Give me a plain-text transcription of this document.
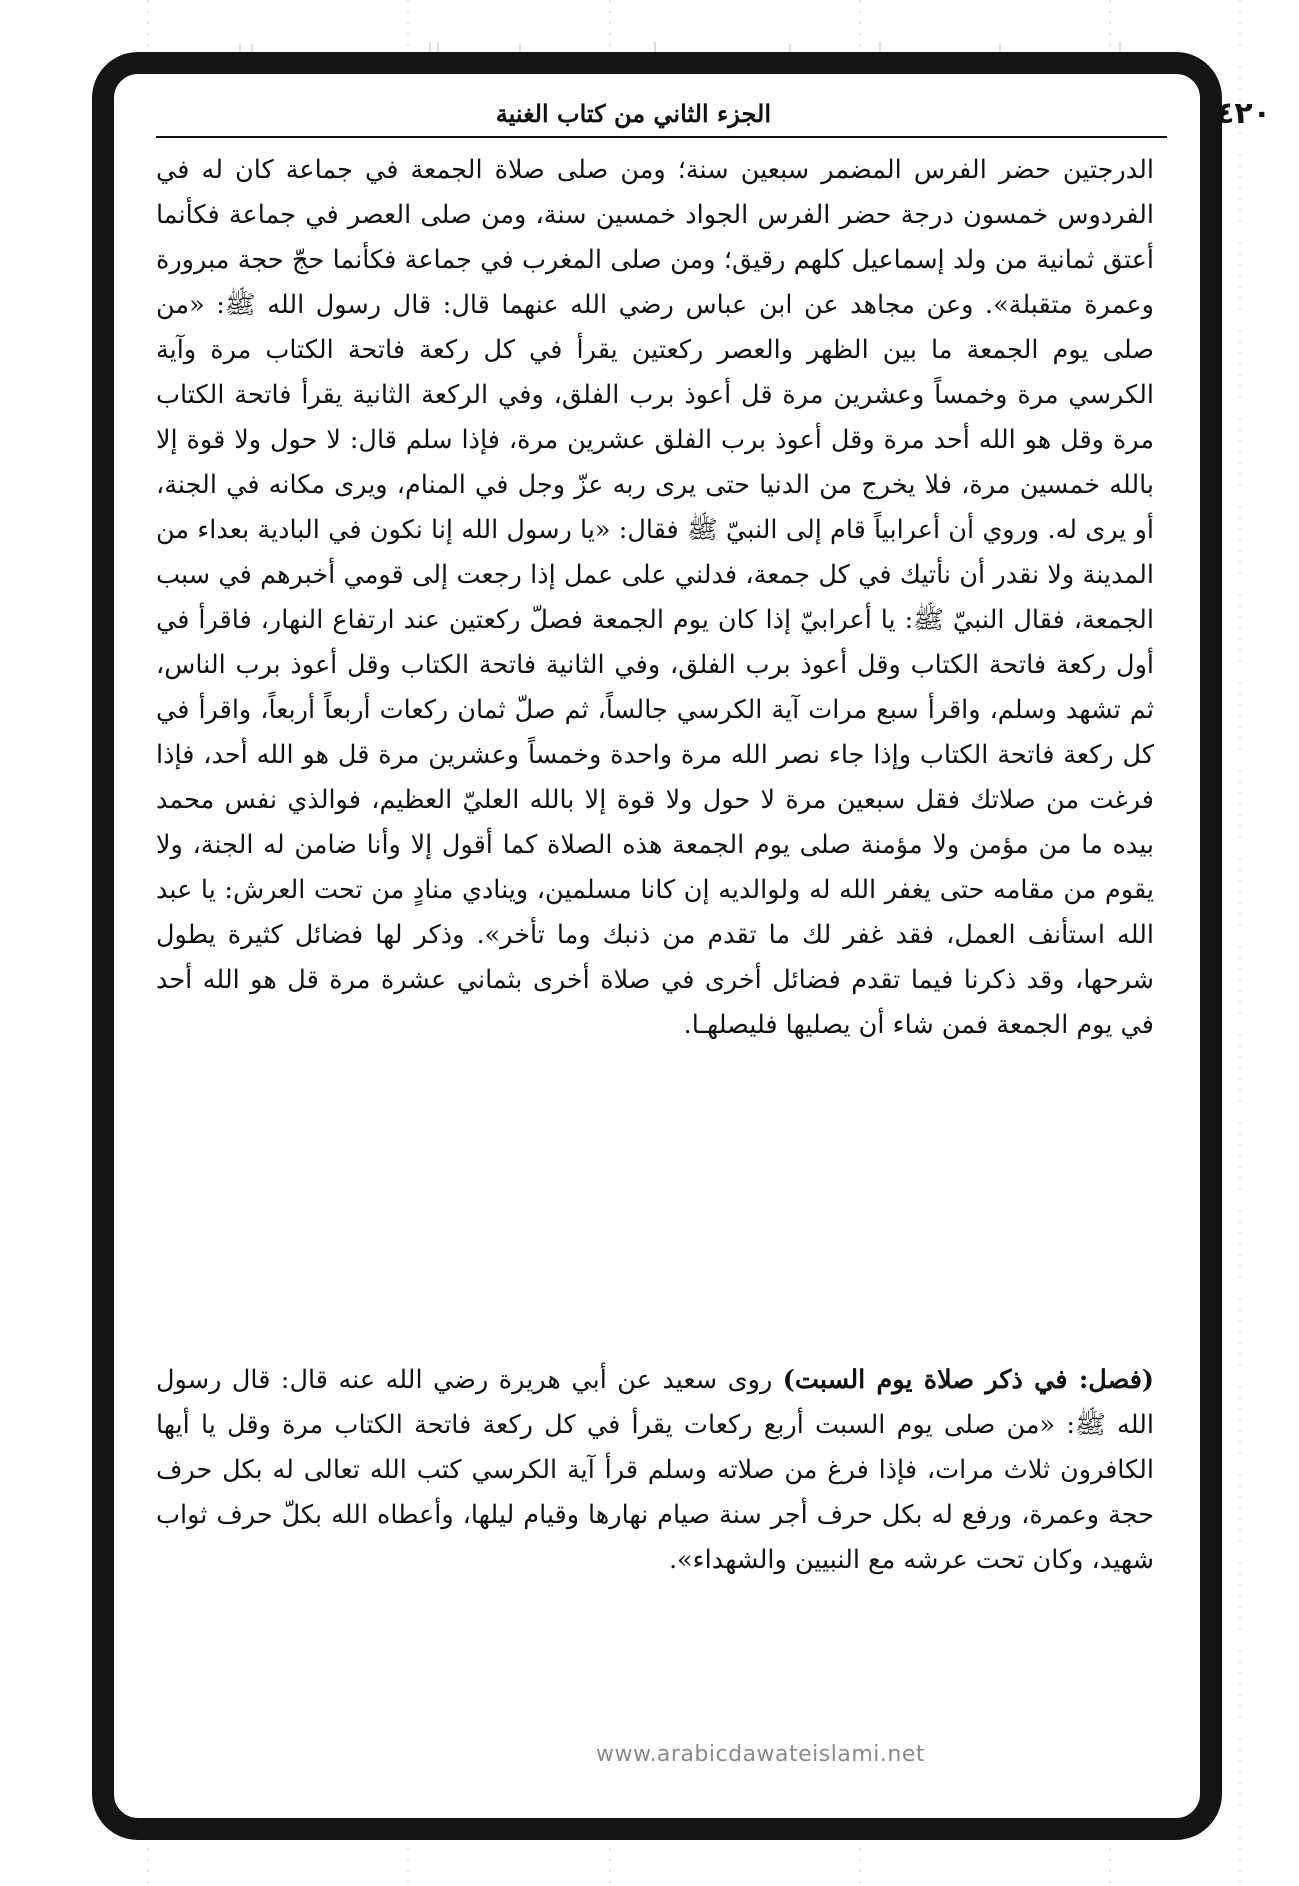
٤٢٠
الجزء الثاني من كتاب الغنية
الدرجتين حضر الفرس المضمر سبعين سنة؛ ومن صلى صلاة الجمعة في جماعة كان له في الفردوس خمسون درجة حضر الفرس الجواد خمسين سنة، ومن صلى العصر في جماعة فكأنما أعتق ثمانية من ولد إسماعيل كلهم رقيق؛ ومن صلى المغرب في جماعة فكأنما حجّ حجة مبرورة وعمرة متقبلة». وعن مجاهد عن ابن عباس رضي الله عنهما قال: قال رسول الله ﷺ: «من صلى يوم الجمعة ما بين الظهر والعصر ركعتين يقرأ في كل ركعة فاتحة الكتاب مرة وآية الكرسي مرة وخمساً وعشرين مرة قل أعوذ برب الفلق، وفي الركعة الثانية يقرأ فاتحة الكتاب مرة وقل هو الله أحد مرة وقل أعوذ برب الفلق عشرين مرة، فإذا سلم قال: لا حول ولا قوة إلا بالله خمسين مرة، فلا يخرج من الدنيا حتى يرى ربه عزّ وجل في المنام، ويرى مكانه في الجنة، أو يرى له. وروي أن أعرابياً قام إلى النبيّ ﷺ فقال: «يا رسول الله إنا نكون في البادية بعداء من المدينة ولا نقدر أن نأتيك في كل جمعة، فدلني على عمل إذا رجعت إلى قومي أخبرهم في سبب الجمعة، فقال النبيّ ﷺ: يا أعرابيّ إذا كان يوم الجمعة فصلّ ركعتين عند ارتفاع النهار، فاقرأ في أول ركعة فاتحة الكتاب وقل أعوذ برب الفلق، وفي الثانية فاتحة الكتاب وقل أعوذ برب الناس، ثم تشهد وسلم، واقرأ سبع مرات آية الكرسي جالساً، ثم صلّ ثمان ركعات أربعاً أربعاً، واقرأ في كل ركعة فاتحة الكتاب وإذا جاء نصر الله مرة واحدة وخمساً وعشرين مرة قل هو الله أحد، فإذا فرغت من صلاتك فقل سبعين مرة لا حول ولا قوة إلا بالله العليّ العظيم، فوالذي نفس محمد بيده ما من مؤمن ولا مؤمنة صلى يوم الجمعة هذه الصلاة كما أقول إلا وأنا ضامن له الجنة، ولا يقوم من مقامه حتى يغفر الله له ولوالديه إن كانا مسلمين، وينادي منادٍ من تحت العرش: يا عبد الله استأنف العمل، فقد غفر لك ما تقدم من ذنبك وما تأخر». وذكر لها فضائل كثيرة يطول شرحها، وقد ذكرنا فيما تقدم فضائل أخرى في صلاة أخرى بثماني عشرة مرة قل هو الله أحد في يوم الجمعة فمن شاء أن يصليها فليصلهـا.
(فصل: في ذكر صلاة يوم السبت) روى سعيد عن أبي هريرة رضي الله عنه قال: قال رسول الله ﷺ: «من صلى يوم السبت أربع ركعات يقرأ في كل ركعة فاتحة الكتاب مرة وقل يا أيها الكافرون ثلاث مرات، فإذا فرغ من صلاته وسلم قرأ آية الكرسي كتب الله تعالى له بكل حرف حجة وعمرة، ورفع له بكل حرف أجر سنة صيام نهارها وقيام ليلها، وأعطاه الله بكلّ حرف ثواب شهيد، وكان تحت عرشه مع النبيين والشهداء».
www.arabicdawateislami.net
